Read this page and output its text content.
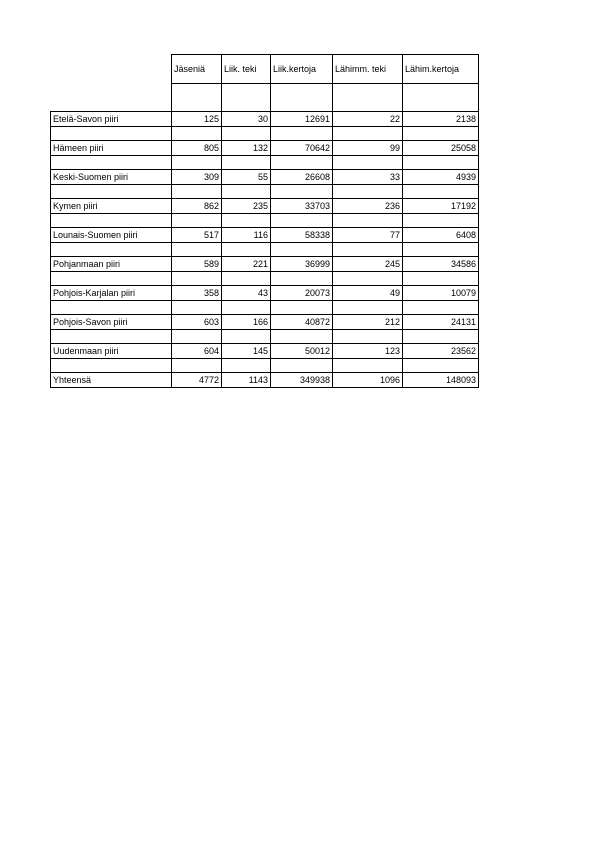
	Jäseniä	Liik. teki	Liik.kertoja	Lähimm. teki	Lähim.kertoja

Etelä-Savon piiri	125	30	12691	22	2138

Hämeen piiri	805	132	70642	99	25058

Keski-Suomen piiri	309	55	26608	33	4939

Kymen piiri	862	235	33703	236	17192

Lounais-Suomen piiri	517	116	58338	77	6408

Pohjanmaan piiri	589	221	36999	245	34586

Pohjois-Karjalan piiri	358	43	20073	49	10079

Pohjois-Savon piiri	603	166	40872	212	24131

Uudenmaan piiri	604	145	50012	123	23562

Yhteensä	4772	1143	349938	1096	148093
